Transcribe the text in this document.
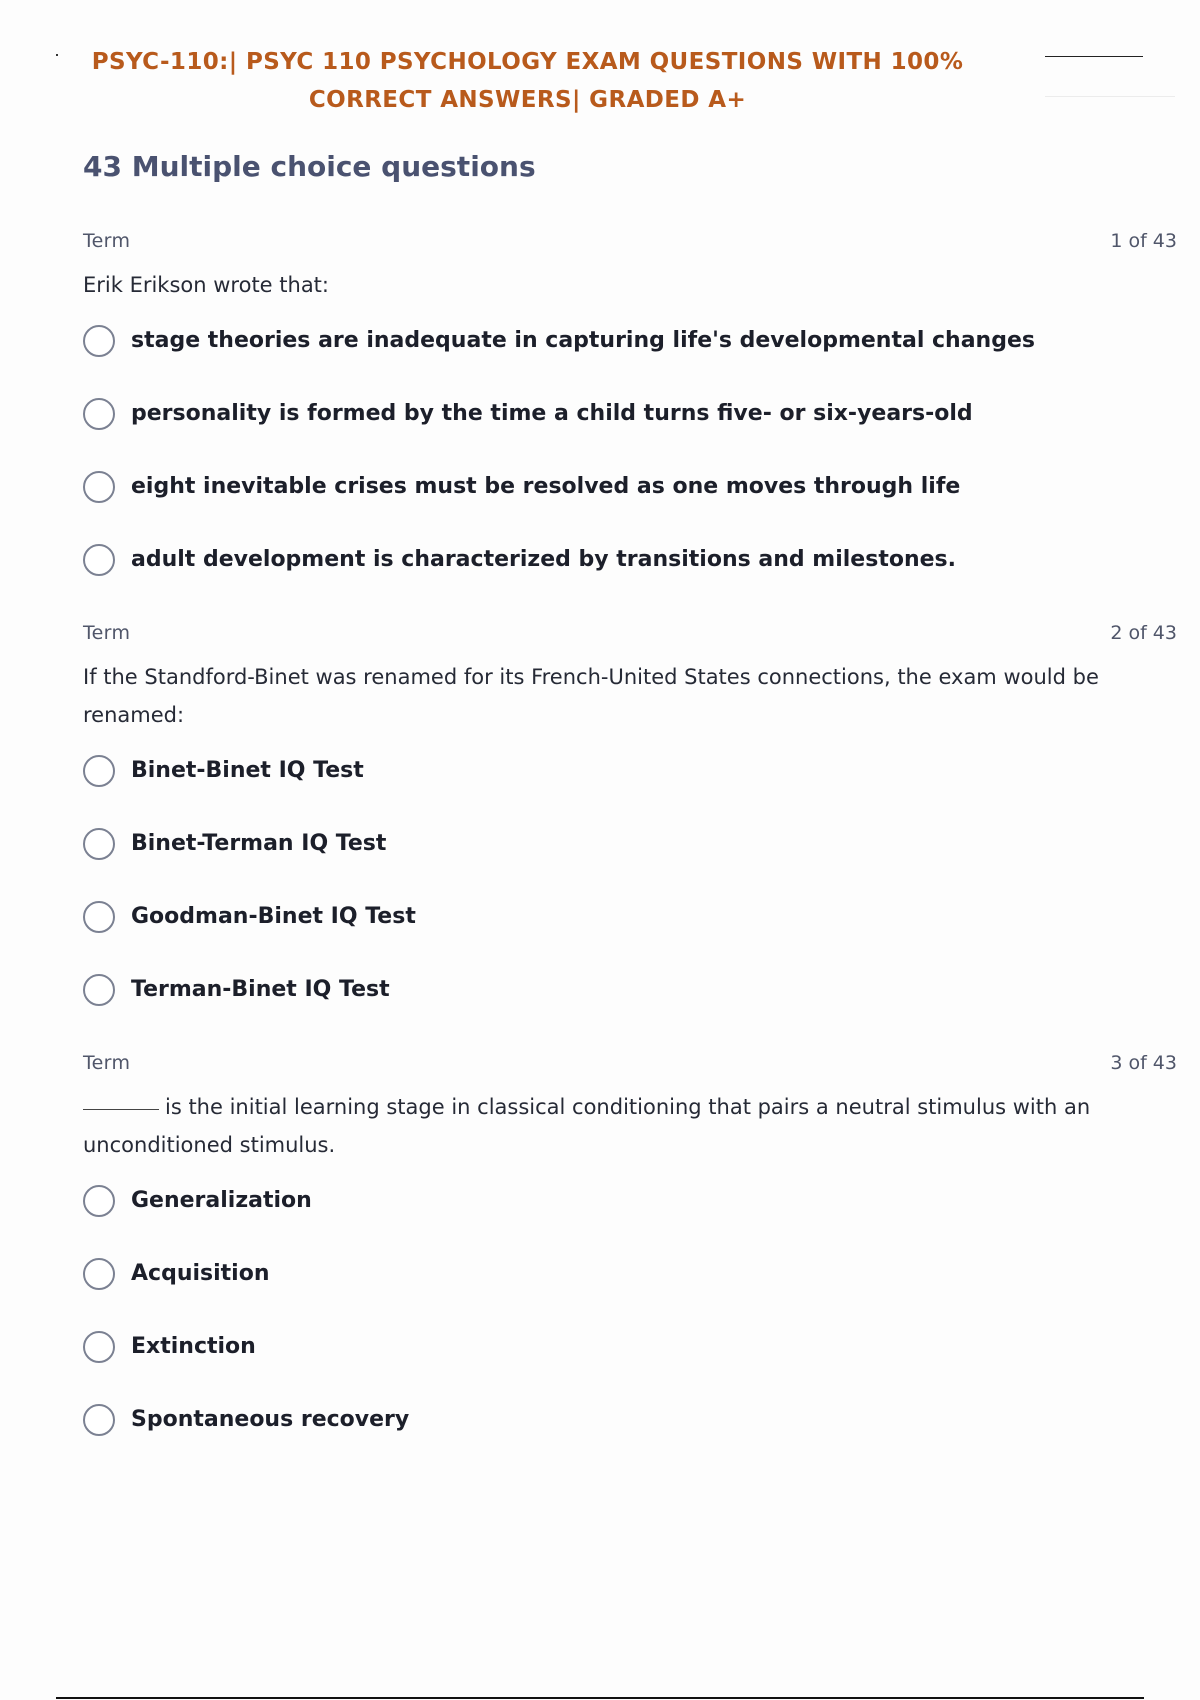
PSYC-110:| PSYC 110 PSYCHOLOGY EXAM QUESTIONS WITH 100%
CORRECT ANSWERS| GRADED A+
43 Multiple choice questions
Term	1 of 43

Erik Erikson wrote that:

stage theories are inadequate in capturing life's developmental changes
personality is formed by the time a child turns five- or six-years-old
eight inevitable crises must be resolved as one moves through life
adult development is characterized by transitions and milestones.
Term	2 of 43

If the Standford-Binet was renamed for its French-United States connections, the exam would be renamed:

Binet-Binet IQ Test
Binet-Terman IQ Test
Goodman-Binet IQ Test
Terman-Binet IQ Test
Term	3 of 43

is the initial learning stage in classical conditioning that pairs a neutral stimulus with an unconditioned stimulus.

Generalization
Acquisition
Extinction
Spontaneous recovery
